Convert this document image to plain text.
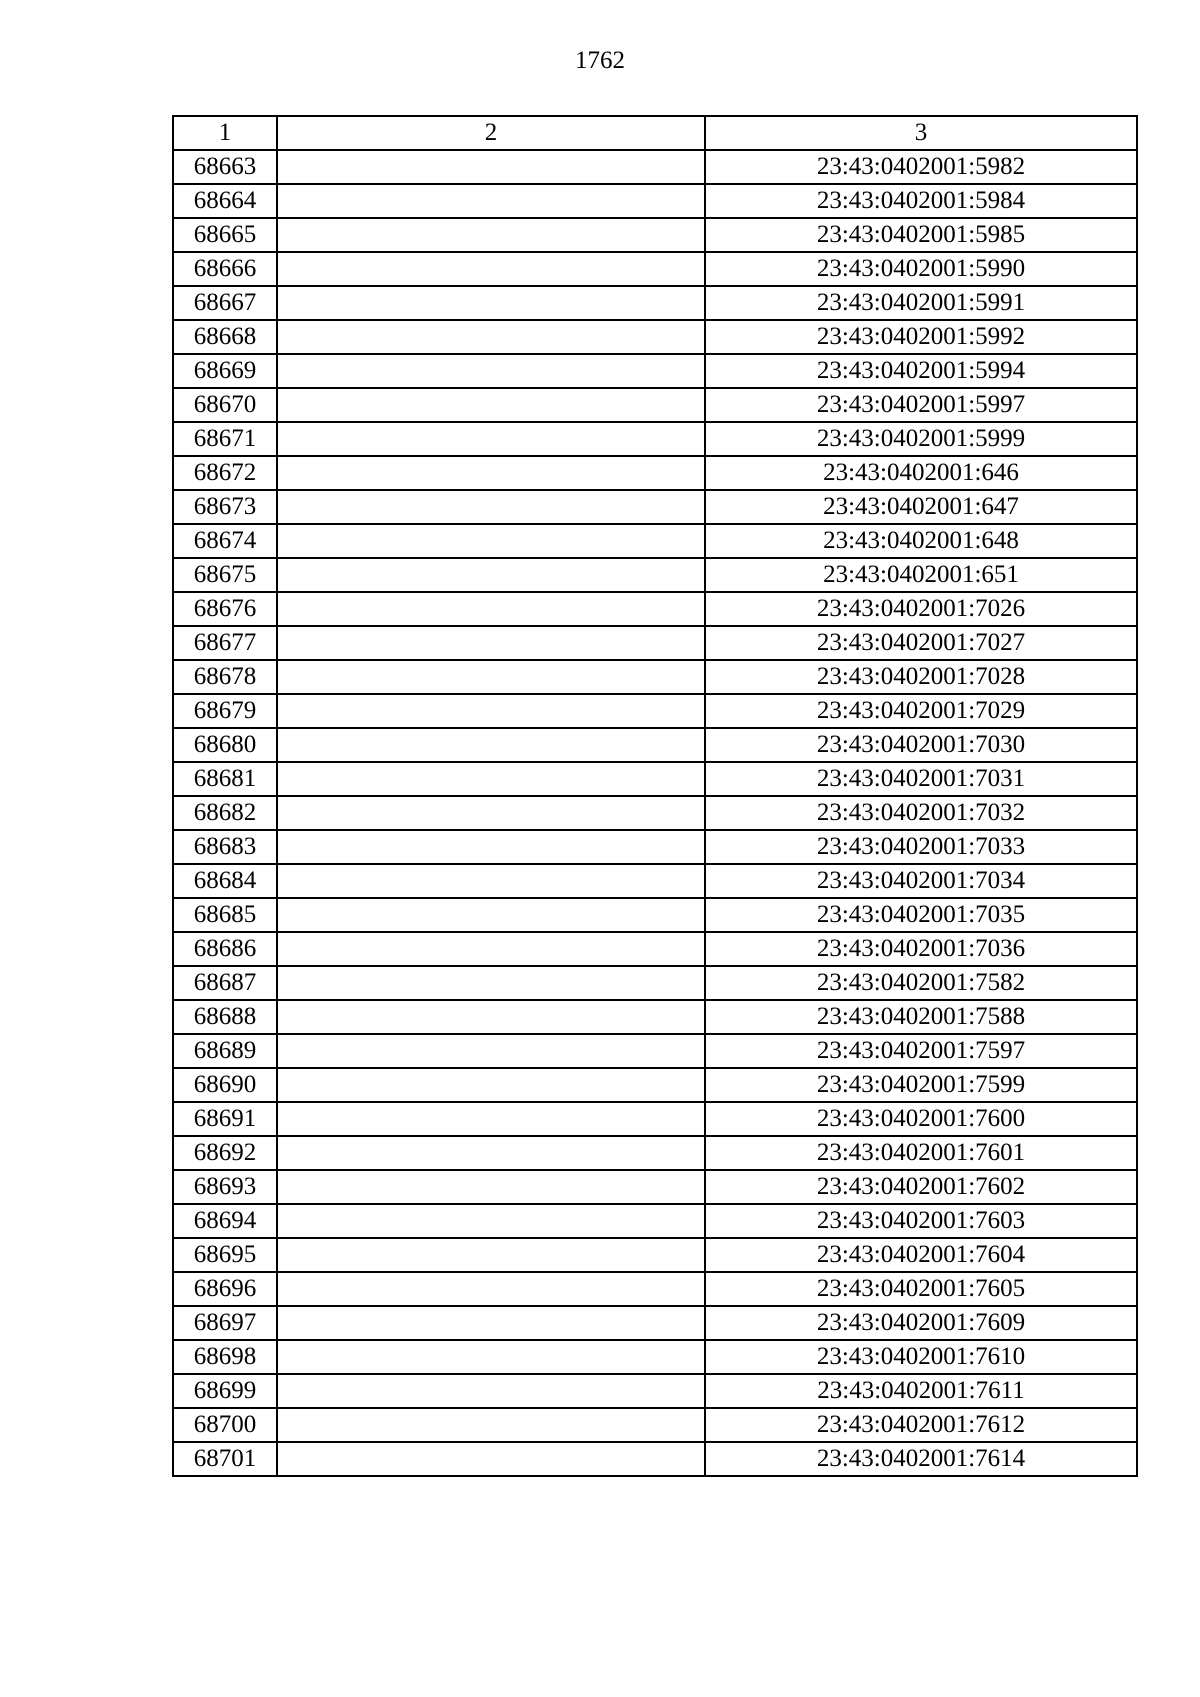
1762
1	2	3
68663		23:43:0402001:5982
68664		23:43:0402001:5984
68665		23:43:0402001:5985
68666		23:43:0402001:5990
68667		23:43:0402001:5991
68668		23:43:0402001:5992
68669		23:43:0402001:5994
68670		23:43:0402001:5997
68671		23:43:0402001:5999
68672		23:43:0402001:646
68673		23:43:0402001:647
68674		23:43:0402001:648
68675		23:43:0402001:651
68676		23:43:0402001:7026
68677		23:43:0402001:7027
68678		23:43:0402001:7028
68679		23:43:0402001:7029
68680		23:43:0402001:7030
68681		23:43:0402001:7031
68682		23:43:0402001:7032
68683		23:43:0402001:7033
68684		23:43:0402001:7034
68685		23:43:0402001:7035
68686		23:43:0402001:7036
68687		23:43:0402001:7582
68688		23:43:0402001:7588
68689		23:43:0402001:7597
68690		23:43:0402001:7599
68691		23:43:0402001:7600
68692		23:43:0402001:7601
68693		23:43:0402001:7602
68694		23:43:0402001:7603
68695		23:43:0402001:7604
68696		23:43:0402001:7605
68697		23:43:0402001:7609
68698		23:43:0402001:7610
68699		23:43:0402001:7611
68700		23:43:0402001:7612
68701		23:43:0402001:7614
